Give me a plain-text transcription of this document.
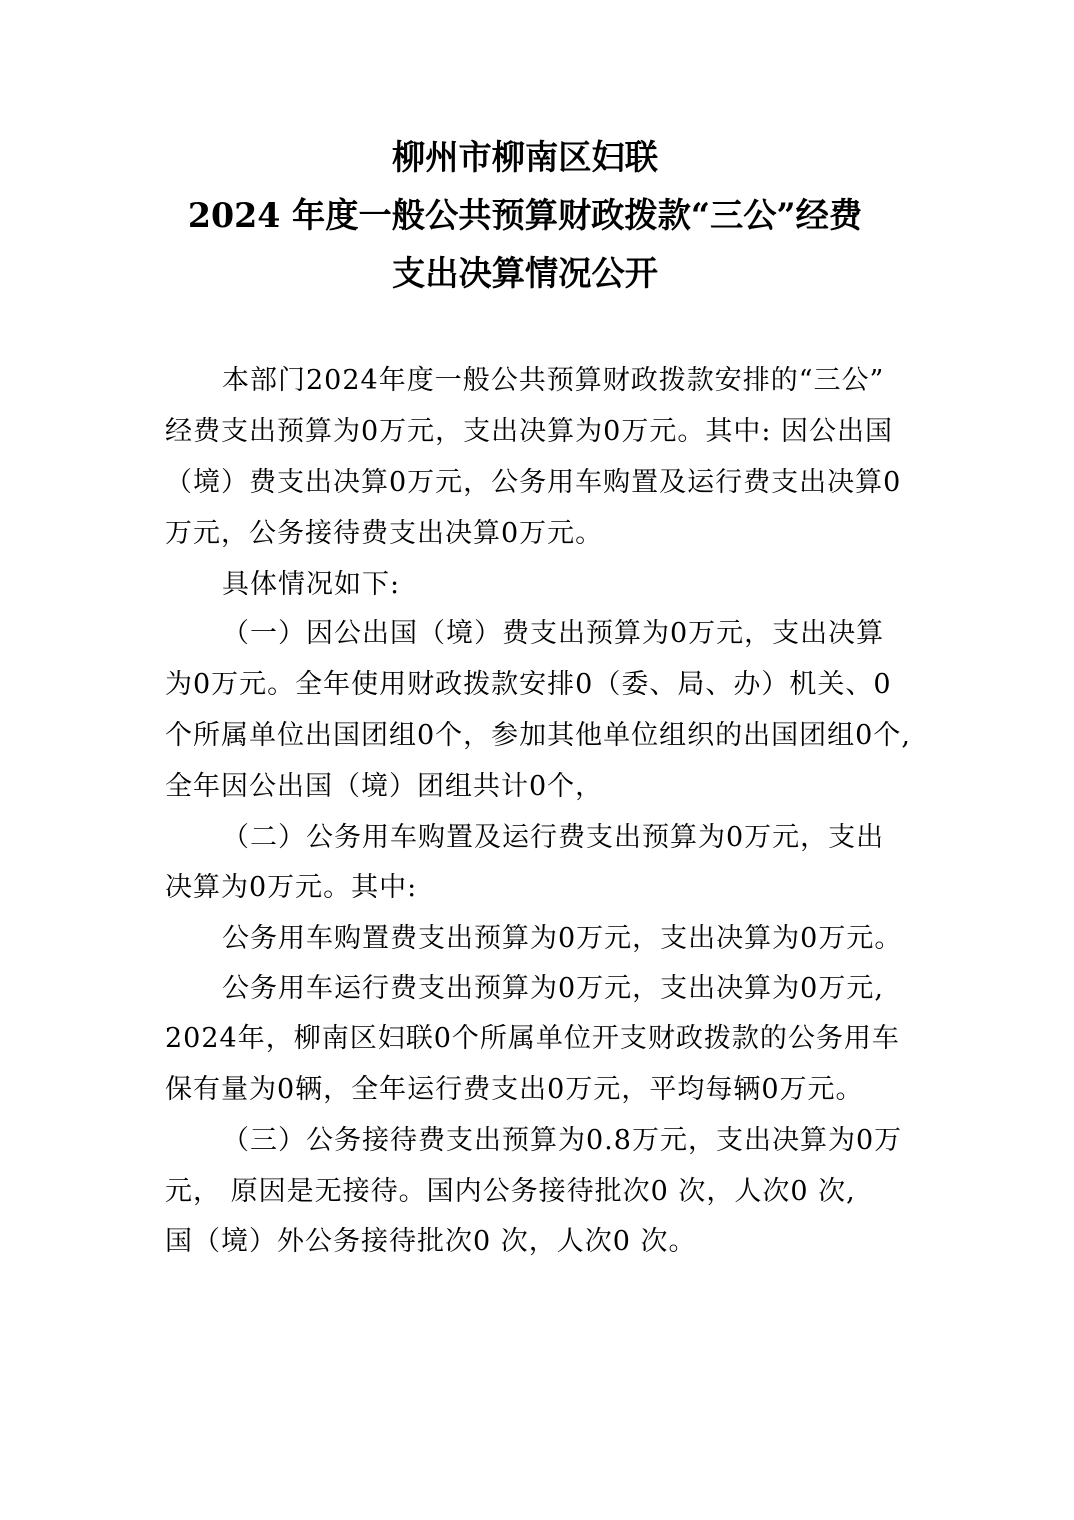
柳州市柳南区妇联
2024 年度一般公共预算财政拨款“三公”经费
支出决算情况公开
本部门2024年度一般公共预算财政拨款安排的“三公”
经费支出预算为0万元，支出决算为0万元。其中: 因公出国
（境）费支出决算0万元，公务用车购置及运行费支出决算0
万元，公务接待费支出决算0万元。
具体情况如下:
（一）因公出国（境）费支出预算为0万元，支出决算
为0万元。全年使用财政拨款安排0（委、局、办）机关、0
个所属单位出国团组0个，参加其他单位组织的出国团组0个,
全年因公出国（境）团组共计0个，
（二）公务用车购置及运行费支出预算为0万元，支出
决算为0万元。其中:
公务用车购置费支出预算为0万元，支出决算为0万元。
公务用车运行费支出预算为0万元，支出决算为0万元,
2024年，柳南区妇联0个所属单位开支财政拨款的公务用车
保有量为0辆，全年运行费支出0万元，平均每辆0万元。
（三）公务接待费支出预算为0.8万元，支出决算为0万
元， 原因是无接待。国内公务接待批次0 次，人次0 次,
国（境）外公务接待批次0 次，人次0 次。
